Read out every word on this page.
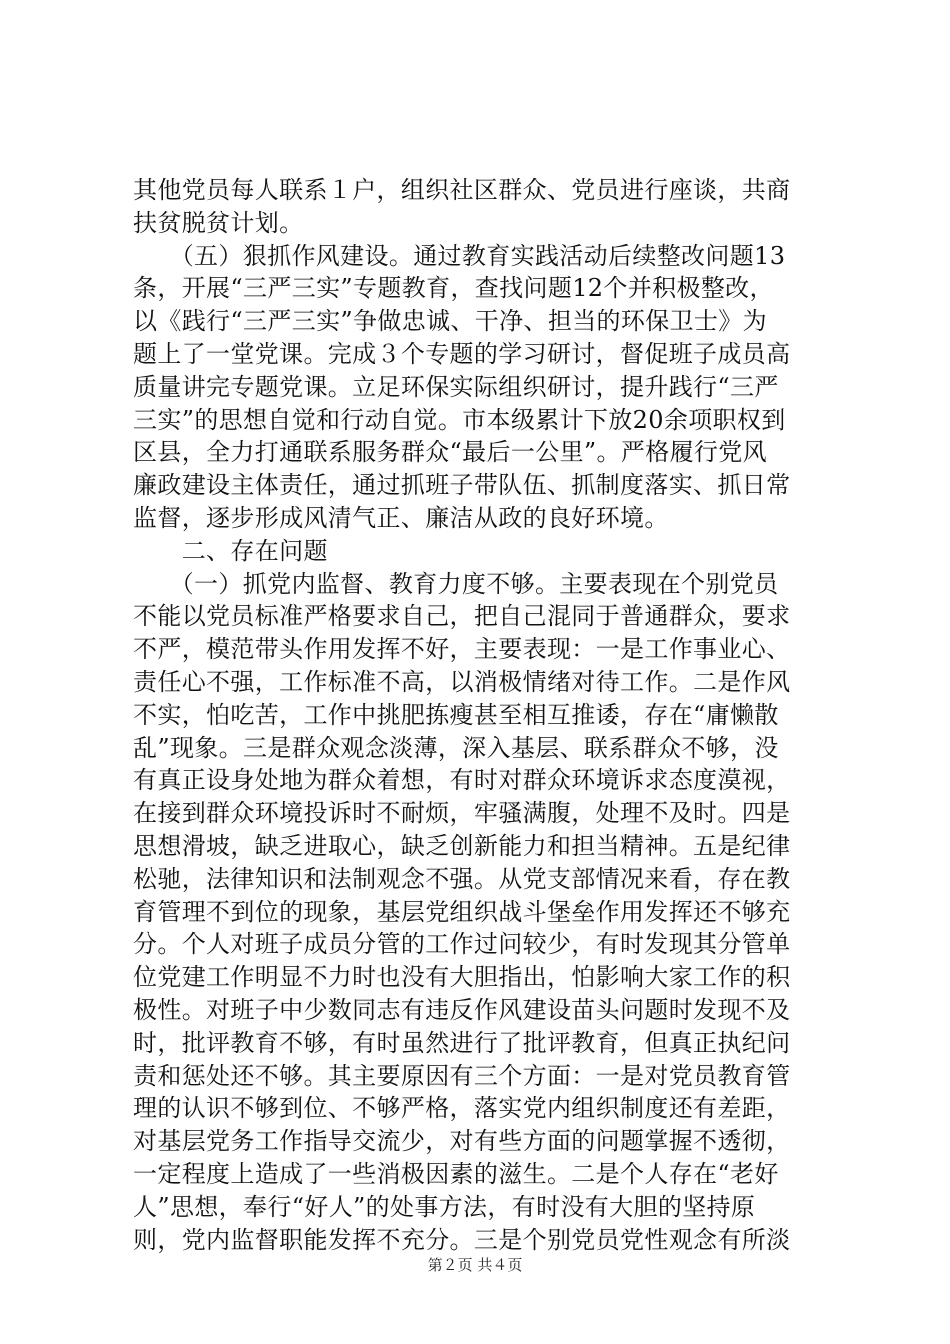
其他党员每人联系１户，组织社区群众、党员进行座谈，共商
扶贫脱贫计划。
　　（五）狠抓作风建设。通过教育实践活动后续整改问题13
条，开展“三严三实”专题教育，查找问题12个并积极整改，
以《践行“三严三实”争做忠诚、干净、担当的环保卫士》为
题上了一堂党课。完成３个专题的学习研讨，督促班子成员高
质量讲完专题党课。立足环保实际组织研讨，提升践行“三严
三实”的思想自觉和行动自觉。市本级累计下放20余项职权到
区县，全力打通联系服务群众“最后一公里”。严格履行党风
廉政建设主体责任，通过抓班子带队伍、抓制度落实、抓日常
监督，逐步形成风清气正、廉洁从政的良好环境。
　　二、存在问题
　　（一）抓党内监督、教育力度不够。主要表现在个别党员
不能以党员标准严格要求自己，把自己混同于普通群众，要求
不严，模范带头作用发挥不好，主要表现：一是工作事业心、
责任心不强，工作标准不高，以消极情绪对待工作。二是作风
不实，怕吃苦，工作中挑肥拣瘦甚至相互推诿，存在“庸懒散
乱”现象。三是群众观念淡薄，深入基层、联系群众不够，没
有真正设身处地为群众着想，有时对群众环境诉求态度漠视，
在接到群众环境投诉时不耐烦，牢骚满腹，处理不及时。四是
思想滑坡，缺乏进取心，缺乏创新能力和担当精神。五是纪律
松驰，法律知识和法制观念不强。从党支部情况来看，存在教
育管理不到位的现象，基层党组织战斗堡垒作用发挥还不够充
分。个人对班子成员分管的工作过问较少，有时发现其分管单
位党建工作明显不力时也没有大胆指出，怕影响大家工作的积
极性。对班子中少数同志有违反作风建设苗头问题时发现不及
时，批评教育不够，有时虽然进行了批评教育，但真正执纪问
责和惩处还不够。其主要原因有三个方面：一是对党员教育管
理的认识不够到位、不够严格，落实党内组织制度还有差距，
对基层党务工作指导交流少，对有些方面的问题掌握不透彻，
一定程度上造成了一些消极因素的滋生。二是个人存在“老好
人”思想，奉行“好人”的处事方法，有时没有大胆的坚持原
则，党内监督职能发挥不充分。三是个别党员党性观念有所淡
第２页 共４页
